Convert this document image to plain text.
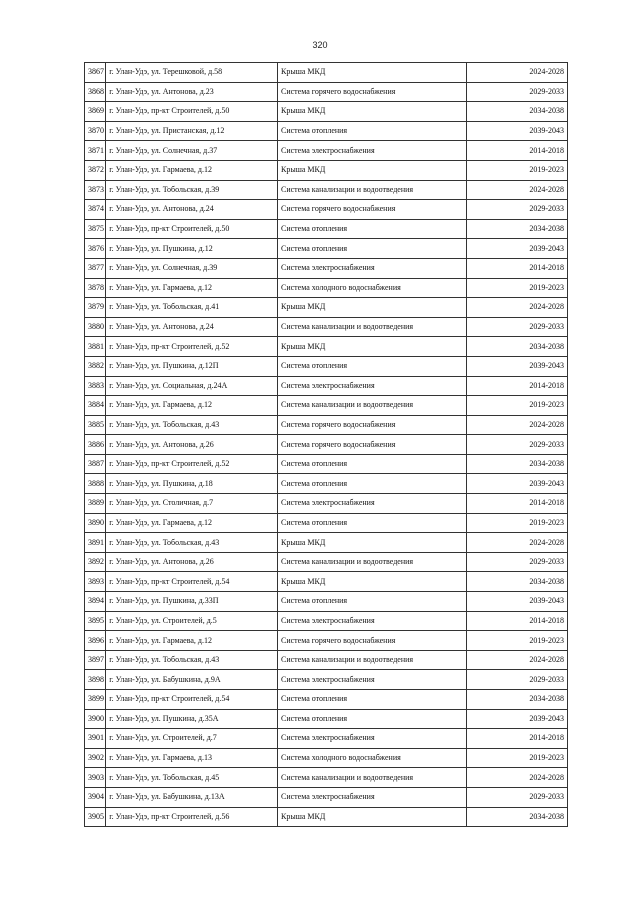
320
3867	г. Улан-Удэ, ул. Терешковой, д.58	Крыша МКД	2024-2028
3868	г. Улан-Удэ, ул. Антонова, д.23	Система горячего водоснабжения	2029-2033
3869	г. Улан-Удэ, пр-кт Строителей, д.50	Крыша МКД	2034-2038
3870	г. Улан-Удэ, ул. Пристанская, д.12	Система отопления	2039-2043
3871	г. Улан-Удэ, ул. Солнечная, д.37	Система электроснабжения	2014-2018
3872	г. Улан-Удэ, ул. Гармаева, д.12	Крыша МКД	2019-2023
3873	г. Улан-Удэ, ул. Тобольская, д.39	Система канализации и водоотведения	2024-2028
3874	г. Улан-Удэ, ул. Антонова, д.24	Система горячего водоснабжения	2029-2033
3875	г. Улан-Удэ, пр-кт Строителей, д.50	Система отопления	2034-2038
3876	г. Улан-Удэ, ул. Пушкина, д.12	Система отопления	2039-2043
3877	г. Улан-Удэ, ул. Солнечная, д.39	Система электроснабжения	2014-2018
3878	г. Улан-Удэ, ул. Гармаева, д.12	Система холодного водоснабжения	2019-2023
3879	г. Улан-Удэ, ул. Тобольская, д.41	Крыша МКД	2024-2028
3880	г. Улан-Удэ, ул. Антонова, д.24	Система канализации и водоотведения	2029-2033
3881	г. Улан-Удэ, пр-кт Строителей, д.52	Крыша МКД	2034-2038
3882	г. Улан-Удэ, ул. Пушкина, д.12П	Система отопления	2039-2043
3883	г. Улан-Удэ, ул. Социальная, д.24А	Система электроснабжения	2014-2018
3884	г. Улан-Удэ, ул. Гармаева, д.12	Система канализации и водоотведения	2019-2023
3885	г. Улан-Удэ, ул. Тобольская, д.43	Система горячего водоснабжения	2024-2028
3886	г. Улан-Удэ, ул. Антонова, д.26	Система горячего водоснабжения	2029-2033
3887	г. Улан-Удэ, пр-кт Строителей, д.52	Система отопления	2034-2038
3888	г. Улан-Удэ, ул. Пушкина, д.18	Система отопления	2039-2043
3889	г. Улан-Удэ, ул. Столичная, д.7	Система электроснабжения	2014-2018
3890	г. Улан-Удэ, ул. Гармаева, д.12	Система отопления	2019-2023
3891	г. Улан-Удэ, ул. Тобольская, д.43	Крыша МКД	2024-2028
3892	г. Улан-Удэ, ул. Антонова, д.26	Система канализации и водоотведения	2029-2033
3893	г. Улан-Удэ, пр-кт Строителей, д.54	Крыша МКД	2034-2038
3894	г. Улан-Удэ, ул. Пушкина, д.33П	Система отопления	2039-2043
3895	г. Улан-Удэ, ул. Строителей, д.5	Система электроснабжения	2014-2018
3896	г. Улан-Удэ, ул. Гармаева, д.12	Система горячего водоснабжения	2019-2023
3897	г. Улан-Удэ, ул. Тобольская, д.43	Система канализации и водоотведения	2024-2028
3898	г. Улан-Удэ, ул. Бабушкина, д.9А	Система электроснабжения	2029-2033
3899	г. Улан-Удэ, пр-кт Строителей, д.54	Система отопления	2034-2038
3900	г. Улан-Удэ, ул. Пушкина, д.35А	Система отопления	2039-2043
3901	г. Улан-Удэ, ул. Строителей, д.7	Система электроснабжения	2014-2018
3902	г. Улан-Удэ, ул. Гармаева, д.13	Система холодного водоснабжения	2019-2023
3903	г. Улан-Удэ, ул. Тобольская, д.45	Система канализации и водоотведения	2024-2028
3904	г. Улан-Удэ, ул. Бабушкина, д.13А	Система электроснабжения	2029-2033
3905	г. Улан-Удэ, пр-кт Строителей, д.56	Крыша МКД	2034-2038
